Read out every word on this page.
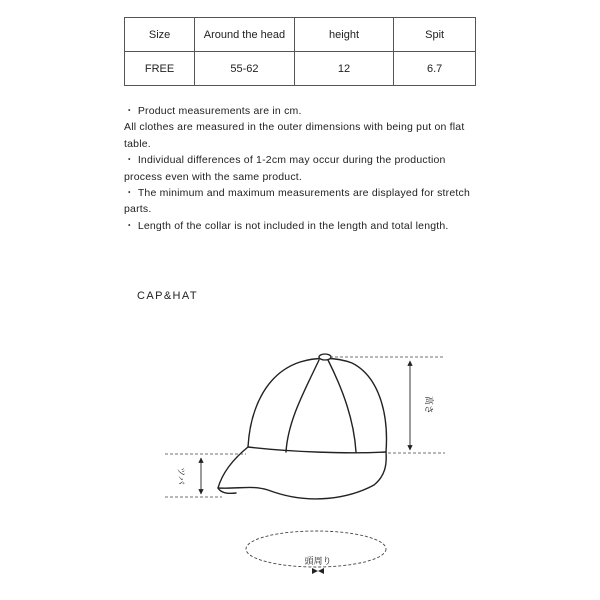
Size	Around the head	height	Spit
FREE	55-62	12	6.7

・ Product measurements are in cm.

All clothes are measured in the outer dimensions with being put on flat table.

・ Individual differences of 1-2cm may occur during the production process even with the same product.

・ The minimum and maximum measurements are displayed for stretch parts.

・ Length of the collar is not included in the length and total length.

CAP&HAT
高さ
ツバ
頭周り
